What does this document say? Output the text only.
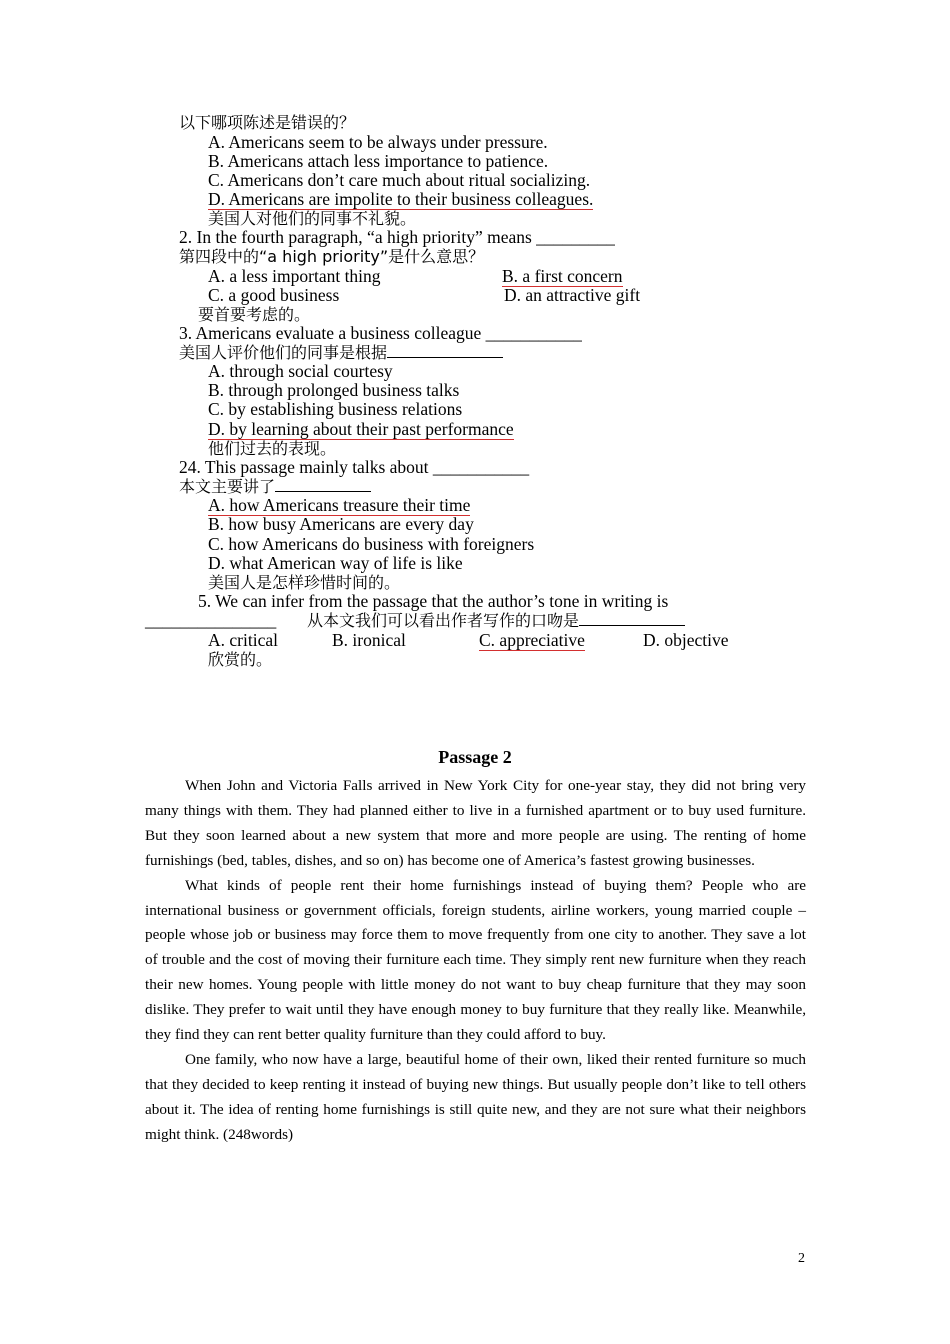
以下哪项陈述是错误的？
A. Americans seem to be always under pressure.
B. Americans attach less importance to patience.
C. Americans don’t care much about ritual socializing.
D. Americans are impolite to their business colleagues.
美国人对他们的同事不礼貌。
2. In the fourth paragraph, “a high priority” means _________
第四段中的“a high priority”是什么意思？
A. a less important thing	B. a first concern
C. a good business	D. an attractive gift
要首要考虑的。
3. Americans evaluate a business colleague ___________
美国人评价他们的同事是根据
A. through social courtesy
B. through prolonged business talks
C. by establishing business relations
D. by learning about their past performance
他们过去的表现。
24. This passage mainly talks about ___________
本文主要讲了
A. how Americans treasure their time
B. how busy Americans are every day
C. how Americans do business with foreigners
D. what American way of life is like
美国人是怎样珍惜时间的。
5. We can infer from the passage that the author’s tone in writing is
_______________ 从本文我们可以看出作者写作的口吻是
A. critical	B. ironical	C. appreciative	D. objective
欣赏的。
Passage 2

When John and Victoria Falls arrived in New York City for one-year stay, they did not bring very many things with them. They had planned either to live in a furnished apartment or to buy used furniture. But they soon learned about a new system that more and more people are using. The renting of home furnishings (bed, tables, dishes, and so on) has become one of America’s fastest growing businesses.

What kinds of people rent their home furnishings instead of buying them? People who are international business or government officials, foreign students, airline workers, young married couple – people whose job or business may force them to move frequently from one city to another. They save a lot of trouble and the cost of moving their furniture each time. They simply rent new furniture when they reach their new homes. Young people with little money do not want to buy cheap furniture that they may soon dislike. They prefer to wait until they have enough money to buy furniture that they really like. Meanwhile, they find they can rent better quality furniture than they could afford to buy.

One family, who now have a large, beautiful home of their own, liked their rented furniture so much that they decided to keep renting it instead of buying new things. But usually people don’t like to tell others about it. The idea of renting home furnishings is still quite new, and they are not sure what their neighbors might think. (248words)

2
